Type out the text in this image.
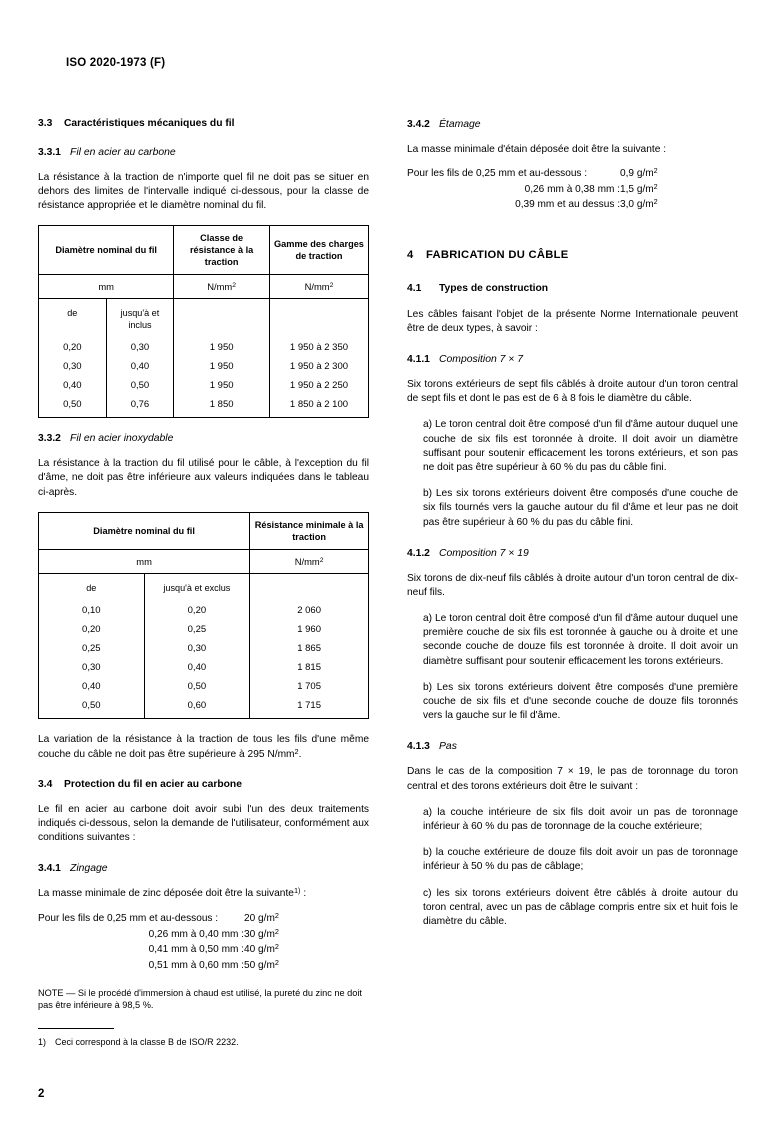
ISO 2020-1973 (F)
3.3 Caractéristiques mécaniques du fil
3.3.1 Fil en acier au carbone

La résistance à la traction de n'importe quel fil ne doit pas se situer en dehors des limites de l'intervalle indiqué ci-dessous, pour la classe de résistance appropriée et le diamètre nominal du fil.

Diamètre nominal du fil		Classe de résistance à la traction	Gamme des charges de traction
mm		$N/mm^2$	$N/mm^2$
de	jusqu'à et inclus		
0,20	0,30	1 950	1 950 à 2 350
0,30	0,40	1 950	1 950 à 2 300
0,40	0,50	1 950	1 950 à 2 250
0,50	0,76	1 850	1 850 à 2 100
3.3.2 Fil en acier inoxydable

La résistance à la traction du fil utilisé pour le câble, à l'exception du fil d'âme, ne doit pas être inférieure aux valeurs indiquées dans le tableau ci-après.

Diamètre nominal du fil		Résistance minimale à la traction
mm		$N/mm^2$
de	jusqu'à et exclus	
0,10	0,20	2 060
0,20	0,25	1 960
0,25	0,30	1 865
0,30	0,40	1 815
0,40	0,50	1 705
0,50	0,60	1 715

La variation de la résistance à la traction de tous les fils d'une même couche du câble ne doit pas être supérieure à 295 $N/mm^2$.

3.4 Protection du fil en acier au carbone

Le fil en acier au carbone doit avoir subi l'un des deux traitements indiqués ci-dessous, selon la demande de l'utilisateur, conformément aux conditions suivantes :

3.4.1 Zingage

La masse minimale de zinc déposée doit être la suivante$^{1)}$ :

Pour les fils de 0,25 mm et au-dessous :	20 $g/m^2$
0,26 mm à 0,40 mm : 30 $g/m^2$
0,41 mm à 0,50 mm : 40 $g/m^2$
0,51 mm à 0,60 mm : 50 $g/m^2$

NOTE — Si le procédé d'immersion à chaud est utilisé, la pureté du zinc ne doit pas être inférieure à 98,5 %.

1) Ceci correspond à la classe B de ISO/R 2232.

3.4.2 Étamage

La masse minimale d'étain déposée doit être la suivante :

Pour les fils de 0,25 mm et au-dessous :	0,9 $g/m^2$
0,26 mm à 0,38 mm : 1,5 $g/m^2$
0,39 mm et au dessus : 3,0 $g/m^2$
4 FABRICATION DU CÂBLE
4.1 Types de construction

Les câbles faisant l'objet de la présente Norme Internationale peuvent être de deux types, à savoir :

4.1.1 Composition 7 × 7

Six torons extérieurs de sept fils câblés à droite autour d'un toron central de sept fils et dont le pas est de 6 à 8 fois le diamètre du câble.

a) Le toron central doit être composé d'un fil d'âme autour duquel une couche de six fils est toronnée à droite. Il doit avoir un diamètre suffisant pour soutenir efficacement les torons extérieurs, et son pas ne doit pas être supérieur à 60 % du pas du câble fini.

b) Les six torons extérieurs doivent être composés d'une couche de six fils tournés vers la gauche autour du fil d'âme et leur pas ne doit pas être supérieur à 60 % du pas du câble fini.

4.1.2 Composition 7 × 19

Six torons de dix-neuf fils câblés à droite autour d'un toron central de dix-neuf fils.

a) Le toron central doit être composé d'un fil d'âme autour duquel une première couche de six fils est toronnée à gauche ou à droite et une seconde couche de douze fils est toronnée à droite. Il doit avoir un diamètre suffisant pour soutenir efficacement les torons extérieurs.

b) Les six torons extérieurs doivent être composés d'une première couche de six fils et d'une seconde couche de douze fils toronnés vers la gauche sur le fil d'âme.

4.1.3 Pas

Dans le cas de la composition 7 × 19, le pas de toronnage du toron central et des torons extérieurs doit être le suivant :

a) la couche intérieure de six fils doit avoir un pas de toronnage inférieur à 60 % du pas de toronnage de la couche extérieure;

b) la couche extérieure de douze fils doit avoir un pas de toronnage inférieur à 50 % du pas de câblage;

c) les six torons extérieurs doivent être câblés à droite autour du toron central, avec un pas de câblage compris entre six et huit fois le diamètre du câble.

2
